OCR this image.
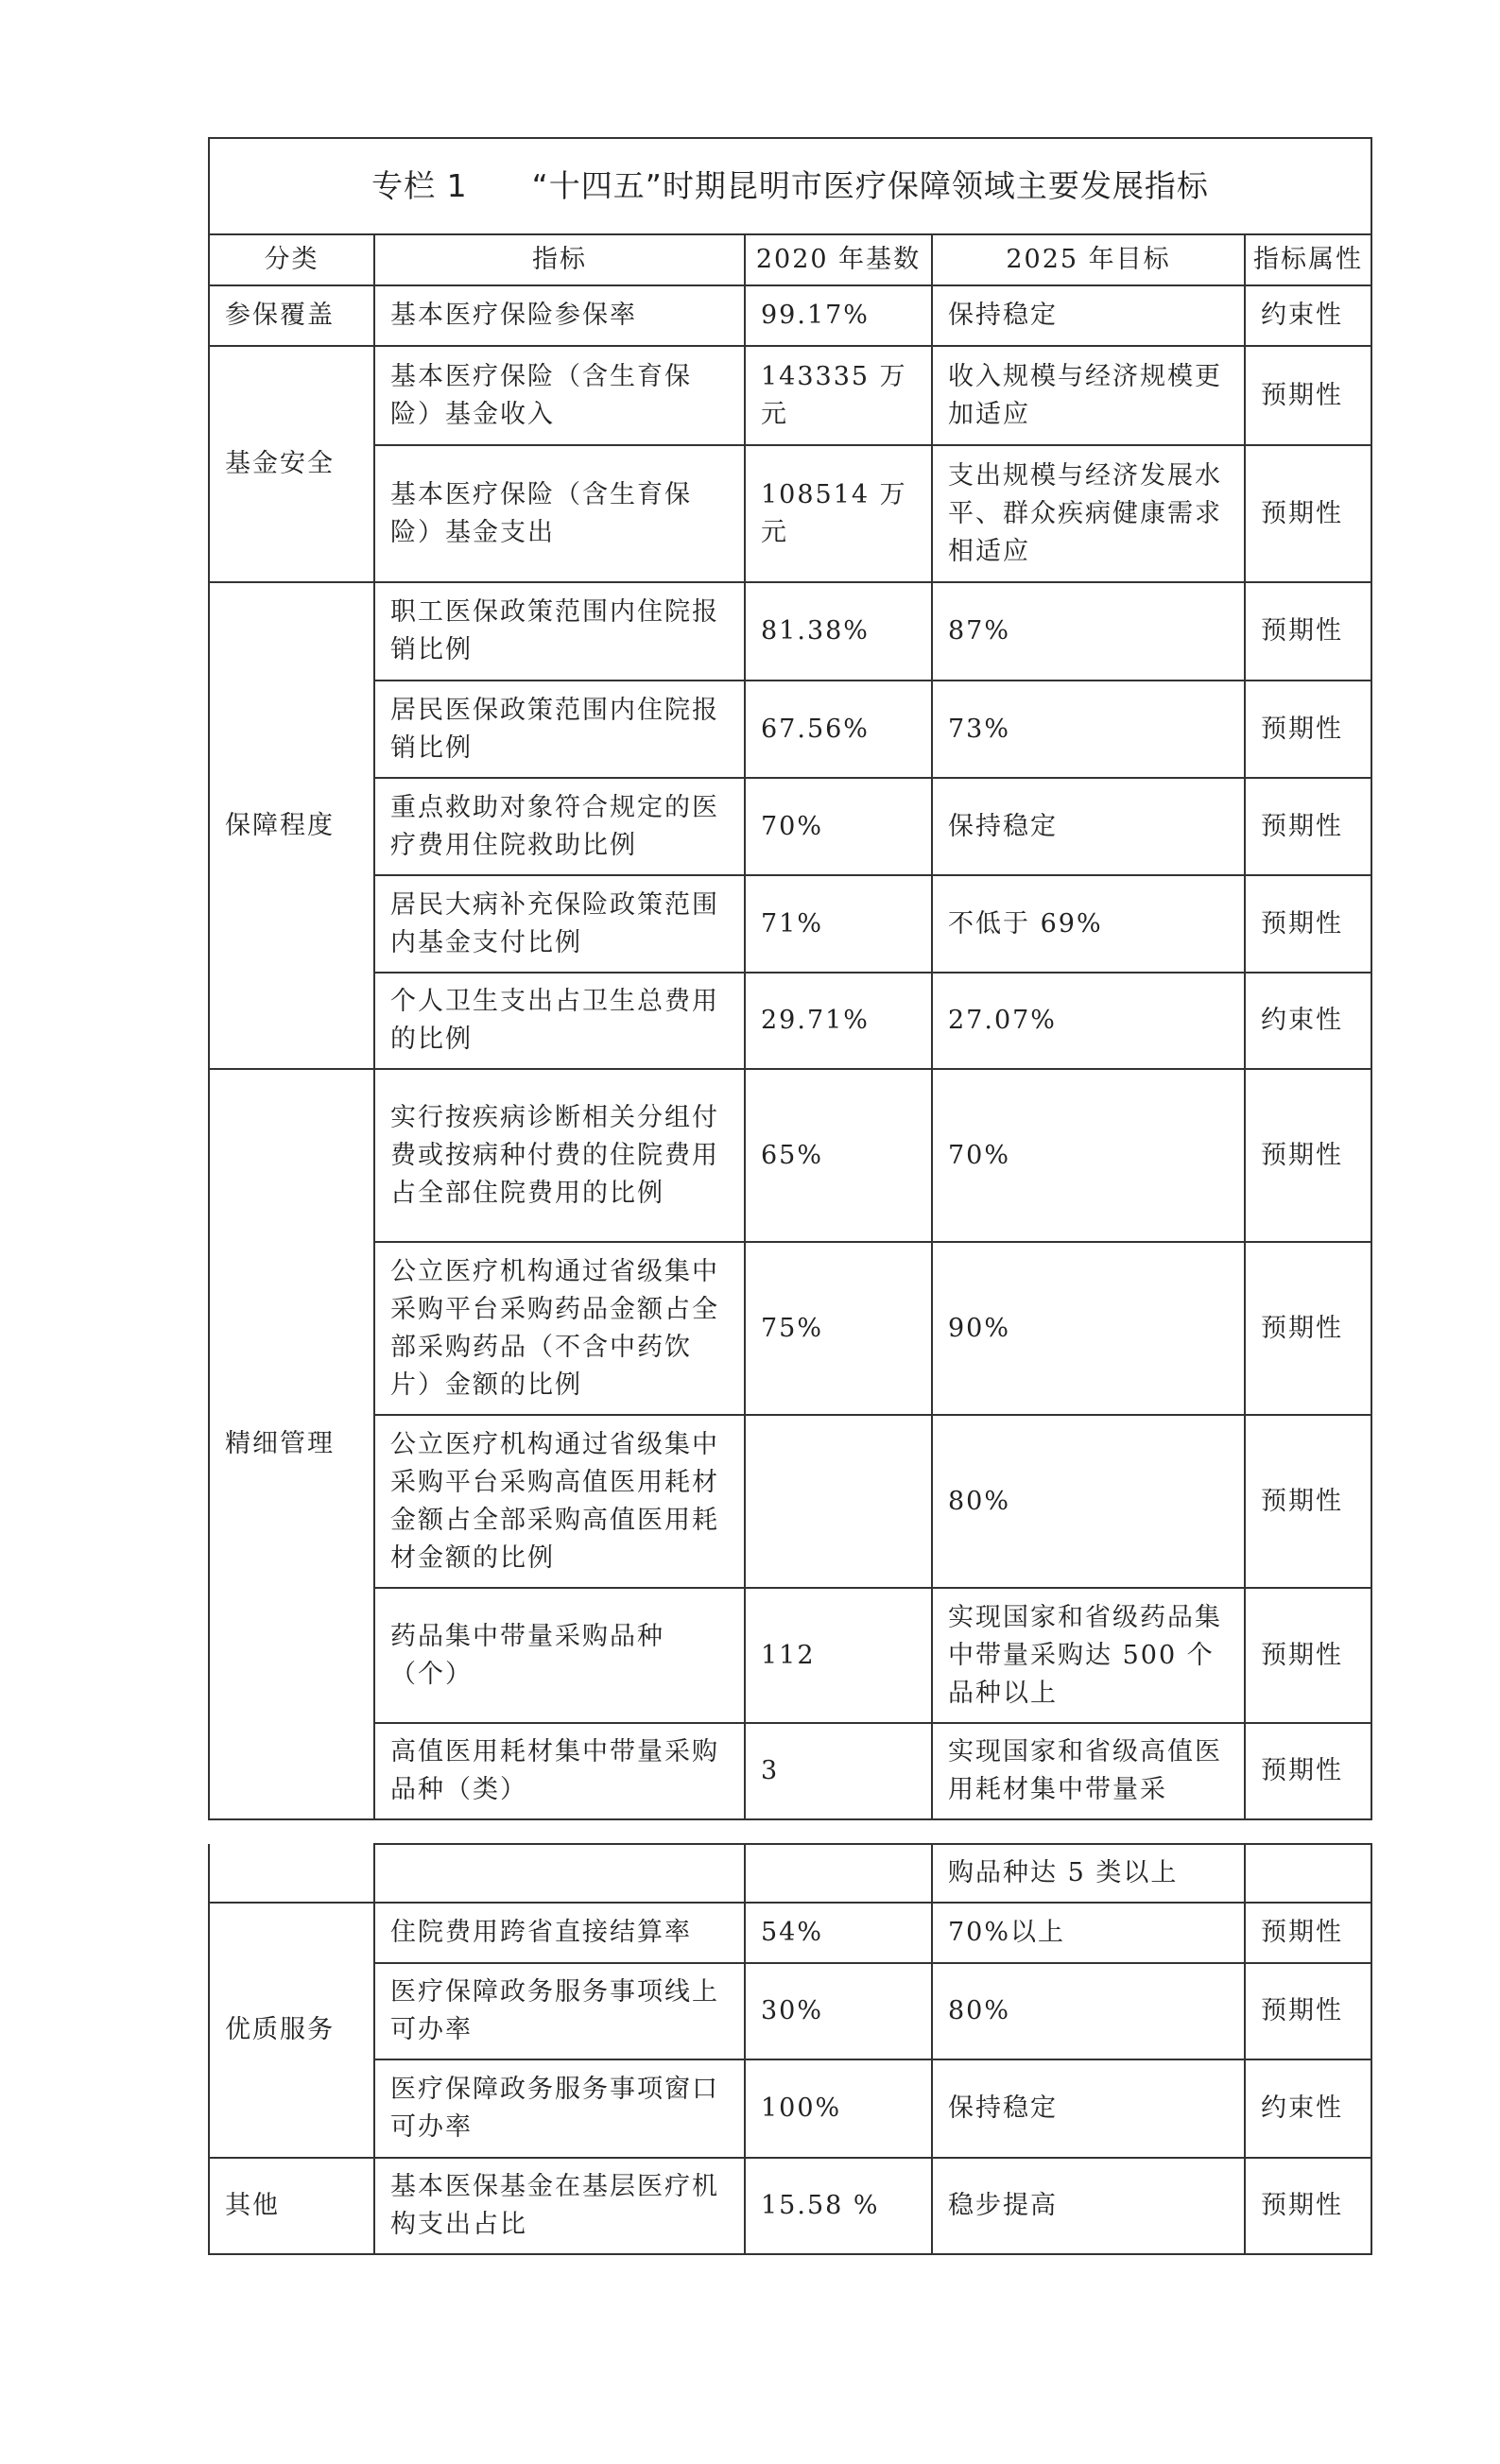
专栏 1　　“十四五”时期昆明市医疗保障领域主要发展指标				
分类	指标	2020 年基数	2025 年目标	指标属性
参保覆盖	基本医疗保险参保率	99.17%	保持稳定	约束性
基金安全	基本医疗保险（含生育保险）基金收入	143335 万元	收入规模与经济规模更加适应	预期性
	基本医疗保险（含生育保险）基金支出	108514 万元	支出规模与经济发展水平、群众疾病健康需求相适应	预期性
保障程度	职工医保政策范围内住院报销比例	81.38%	87%	预期性
	居民医保政策范围内住院报销比例	67.56%	73%	预期性
	重点救助对象符合规定的医疗费用住院救助比例	70%	保持稳定	预期性
	居民大病补充保险政策范围内基金支付比例	71%	不低于 69%	预期性
	个人卫生支出占卫生总费用的比例	29.71%	27.07%	约束性
精细管理	实行按疾病诊断相关分组付费或按病种付费的住院费用占全部住院费用的比例	65%	70%	预期性
	公立医疗机构通过省级集中采购平台采购药品金额占全部采购药品（不含中药饮片）金额的比例	75%	90%	预期性
	公立医疗机构通过省级集中采购平台采购高值医用耗材金额占全部采购高值医用耗材金额的比例		80%	预期性
	药品集中带量采购品种（个）	112	实现国家和省级药品集中带量采购达 500 个品种以上	预期性
	高值医用耗材集中带量采购品种（类）	3	实现国家和省级高值医用耗材集中带量采	预期性
			购品种达 5 类以上	
优质服务	住院费用跨省直接结算率	54%	70%以上	预期性
	医疗保障政务服务事项线上可办率	30%	80%	预期性
	医疗保障政务服务事项窗口可办率	100%	保持稳定	约束性
其他	基本医保基金在基层医疗机构支出占比	15.58 %	稳步提高	预期性
